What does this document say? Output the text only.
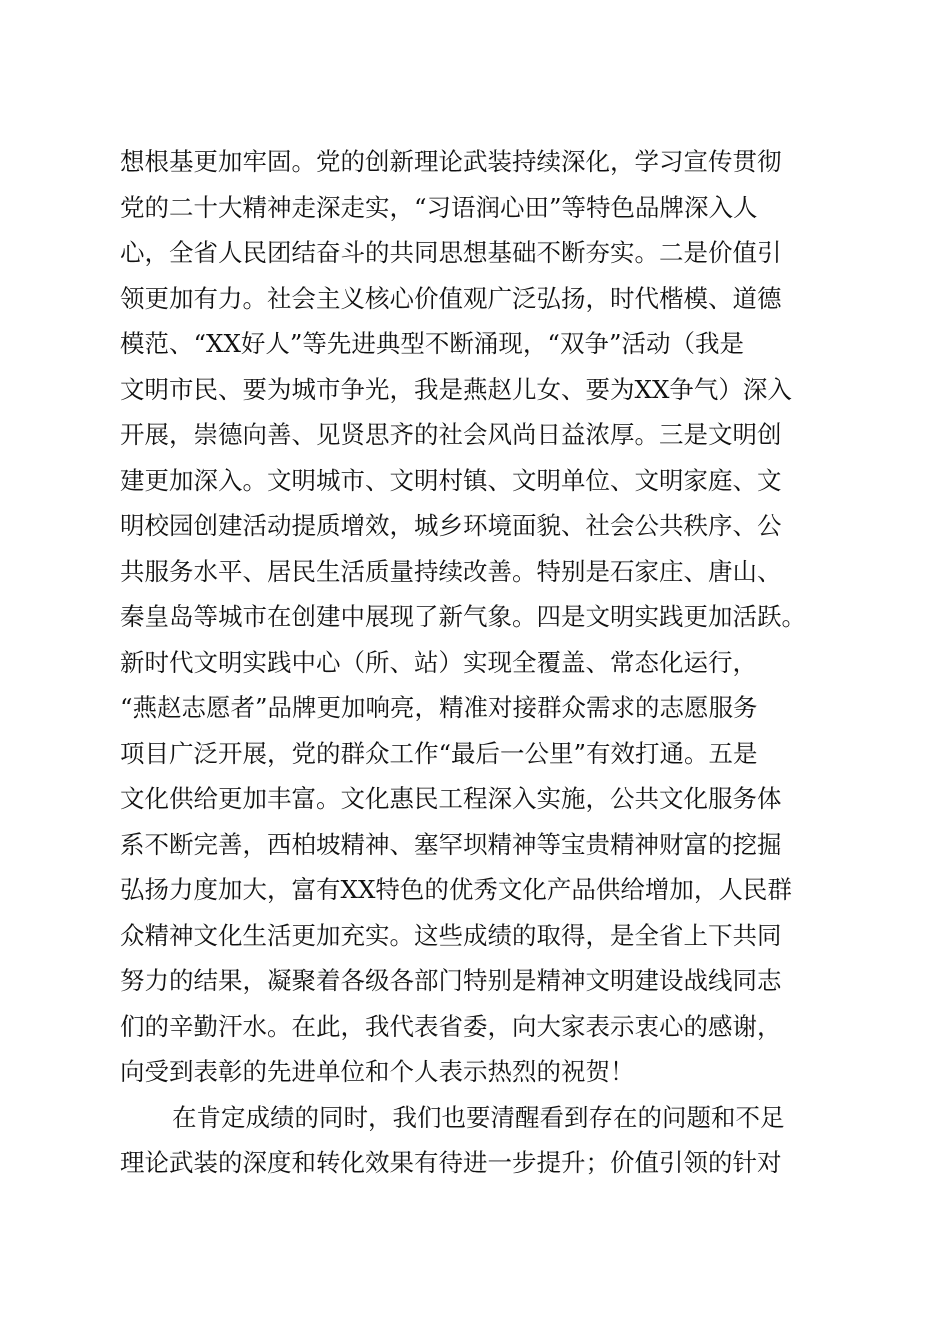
想根基更加牢固。党的创新理论武装持续深化，学习宣传贯彻
党的二十大精神走深走实，“习语润心田”等特色品牌深入人
心，全省人民团结奋斗的共同思想基础不断夯实。二是价值引
领更加有力。社会主义核心价值观广泛弘扬，时代楷模、道德
模范、“XX好人”等先进典型不断涌现，“双争”活动（我是
文明市民、要为城市争光，我是燕赵儿女、要为XX争气）深入
开展，崇德向善、见贤思齐的社会风尚日益浓厚。三是文明创
建更加深入。文明城市、文明村镇、文明单位、文明家庭、文
明校园创建活动提质增效，城乡环境面貌、社会公共秩序、公
共服务水平、居民生活质量持续改善。特别是石家庄、唐山、
秦皇岛等城市在创建中展现了新气象。四是文明实践更加活跃。
新时代文明实践中心（所、站）实现全覆盖、常态化运行，
“燕赵志愿者”品牌更加响亮，精准对接群众需求的志愿服务
项目广泛开展，党的群众工作“最后一公里”有效打通。五是
文化供给更加丰富。文化惠民工程深入实施，公共文化服务体
系不断完善，西柏坡精神、塞罕坝精神等宝贵精神财富的挖掘
弘扬力度加大，富有XX特色的优秀文化产品供给增加，人民群
众精神文化生活更加充实。这些成绩的取得，是全省上下共同
努力的结果，凝聚着各级各部门特别是精神文明建设战线同志
们的辛勤汗水。在此，我代表省委，向大家表示衷心的感谢，
向受到表彰的先进单位和个人表示热烈的祝贺！
在肯定成绩的同时，我们也要清醒看到存在的问题和不足
理论武装的深度和转化效果有待进一步提升；价值引领的针对
